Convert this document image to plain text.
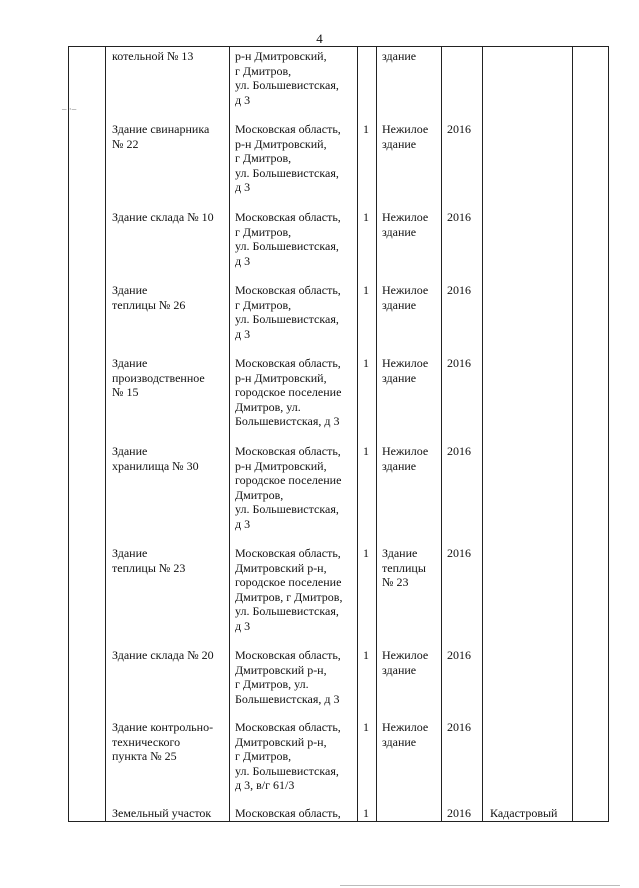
4
– ·–
котельной № 13	р-н Дмитровский,
г Дмитров,
ул. Большевистская,
д 3
здание
Здание свинарника
№ 22
Московская область,
р-н Дмитровский,
г Дмитров,
ул. Большевистская,
д 3
1 Нежилое
здание
2016
Здание склада № 10 Московская область,
г Дмитров,
ул. Большевистская,
д 3
1 Нежилое
здание
2016
Здание
теплицы № 26
Московская область,
г Дмитров,
ул. Большевистская,
д 3
1 Нежилое
здание
2016
Здание
производственное
№ 15
Московская область,
р-н Дмитровский,
городское поселение
Дмитров, ул.
Большевистская, д 3
1 Нежилое
здание
2016
Здание
хранилища № 30
Московская область,
р-н Дмитровский,
городское поселение
Дмитров,
ул. Большевистская,
д 3
1 Нежилое
здание
2016
Здание
теплицы № 23
Московская область,
Дмитровский р-н,
городское поселение
Дмитров, г Дмитров,
ул. Большевистская,
д 3
1 Здание
теплицы
№ 23
2016
Здание склада № 20 Московская область,
Дмитровский р-н,
г Дмитров, ул.
Большевистская, д 3
1 Нежилое
здание
2016
Здание контрольно-
технического
пункта № 25
Московская область,
Дмитровский р-н,
г Дмитров,
ул. Большевистская,
д 3, в/г 61/3
1 Нежилое
здание
2016
Земельный участок Московская область, 1	2016 Кадастровый
